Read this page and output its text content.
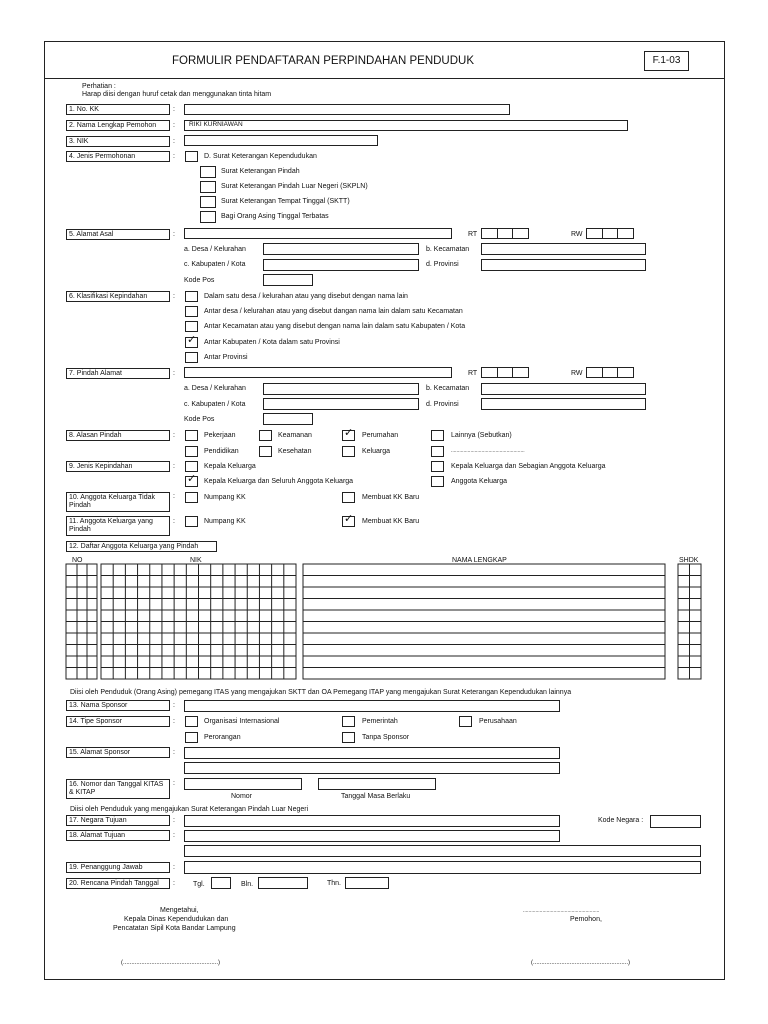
FORMULIR PENDAFTARAN PERPINDAHAN PENDUDUK	F.1-03
Perhatian :
Harap diisi dengan huruf cetak dan menggunakan tinta hitam
1. No. KK	:
2. Nama Lengkap Pemohon	: RIKI KURNIAWAN
3. NIK	:
4. Jenis Permohonan	:	D. Surat Keterangan Kependudukan
Surat Keterangan Pindah
Surat Keterangan Pindah Luar Negeri (SKPLN)
Surat Keterangan Tempat Tinggal (SKTT)
Bagi Orang Asing Tinggal Terbatas
5. Alamat Asal	:	RT	RW
a. Desa / Kelurahan	b. Kecamatan
c. Kabupaten / Kota	d. Provinsi
Kode Pos
6. Klasifikasi Kepindahan	:	Dalam satu desa / kelurahan atau yang disebut dengan nama lain
Antar desa / kelurahan atau yang disebut dangan nama lain dalam satu Kecamatan
Antar Kecamatan atau yang disebut dengan nama lain dalam satu Kabupaten / Kota
✓ Antar Kabupaten / Kota dalam satu Provinsi
Antar Provinsi
7. Pindah Alamat	:	RT	RW
a. Desa / Kelurahan	b. Kecamatan
c. Kabupaten / Kota	d. Provinsi
Kode Pos
8. Alasan Pindah	:	Pekerjaan	Keamanan	✓ Perumahan	Lainnya (Sebutkan)
Pendidikan	Kesehatan	Keluarga	.....................................................
9. Jenis Kepindahan	:	Kepala Keluarga	Kepala Keluarga dan Sebagian Anggota Keluarga
✓ Kepala Keluarga dan Seluruh Anggota Keluarga	Anggota Keluarga
10. Anggota Keluarga Tidak Pindah
:	Numpang KK	Membuat KK Baru
11. Anggota Keluarga yang Pindah
:	Numpang KK	✓ Membuat KK Baru
12. Daftar Anggota Keluarga yang Pindah
NO	NIK	NAMA LENGKAP	SHDK
Diisi oleh Penduduk (Orang Asing) pemegang ITAS yang mengajukan SKTT dan OA Pemegang ITAP yang mengajukan Surat Keterangan Kependudukan lainnya
13. Nama Sponsor	:
14. Tipe Sponsor	:	Organisasi Internasional	Pemerintah	Perusahaan
Perorangan	Tanpa Sponsor
15. Alamat Sponsor	:
16. Nomor dan Tanggal KITAS & KITAP
:
Nomor	Tanggal Masa Berlaku
Diisi oleh Penduduk yang mengajukan Surat Keterangan Pindah Luar Negeri
17. Negara Tujuan	:	Kode Negara :
18. Alamat Tujuan	:
19. Penanggung Jawab	:
20. Rencana Pindah Tanggal	:	Tgl.	Bln.	Thn.
Mengetahui,
Kepala Dinas Kependudukan dan
Pencatatan Sipil Kota Bandar Lampung
(.........................................................)
.......................................................
Pemohon,
(.........................................................)
